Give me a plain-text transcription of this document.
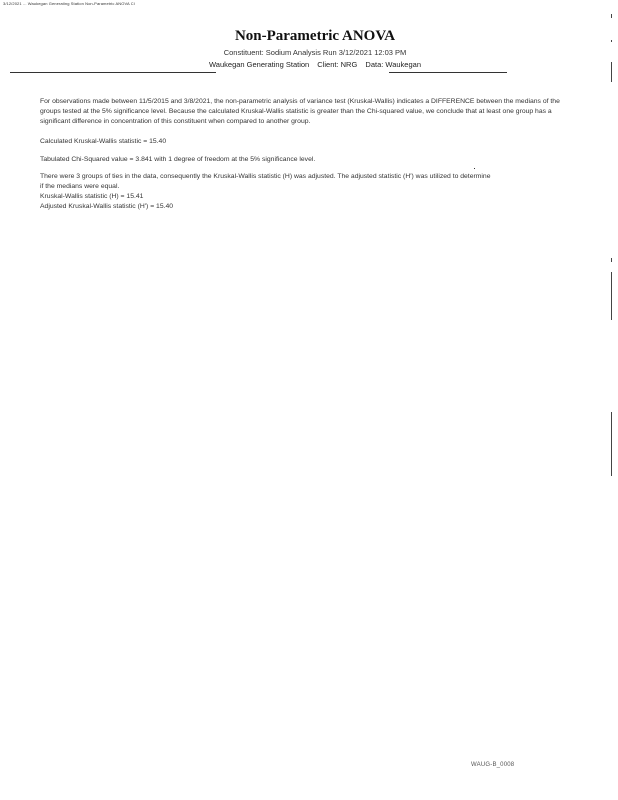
3/12/2021 ... Waukegan Generating Station Non-Parametric ANOVA Cl
Non-Parametric ANOVA
Constituent: Sodium Analysis Run 3/12/2021 12:03 PM
Waukegan Generating Station Client: NRG Data: Waukegan
For observations made between 11/5/2015 and 3/8/2021, the non-parametric analysis of variance test (Kruskal-Wallis) indicates a DIFFERENCE between the medians of the groups tested at the 5% significance level. Because the calculated Kruskal-Wallis statistic is greater than the Chi-squared value, we conclude that at least one group has a significant difference in concentration of this constituent when compared to another group.
Calculated Kruskal-Wallis statistic = 15.40
Tabulated Chi-Squared value = 3.841 with 1 degree of freedom at the 5% significance level.
There were 3 groups of ties in the data, consequently the Kruskal-Wallis statistic (H) was adjusted. The adjusted statistic (H') was utilized to determine
if the medians were equal.
Kruskal-Wallis statistic (H) = 15.41
Adjusted Kruskal-Wallis statistic (H') = 15.40
WAUG-B_0008
